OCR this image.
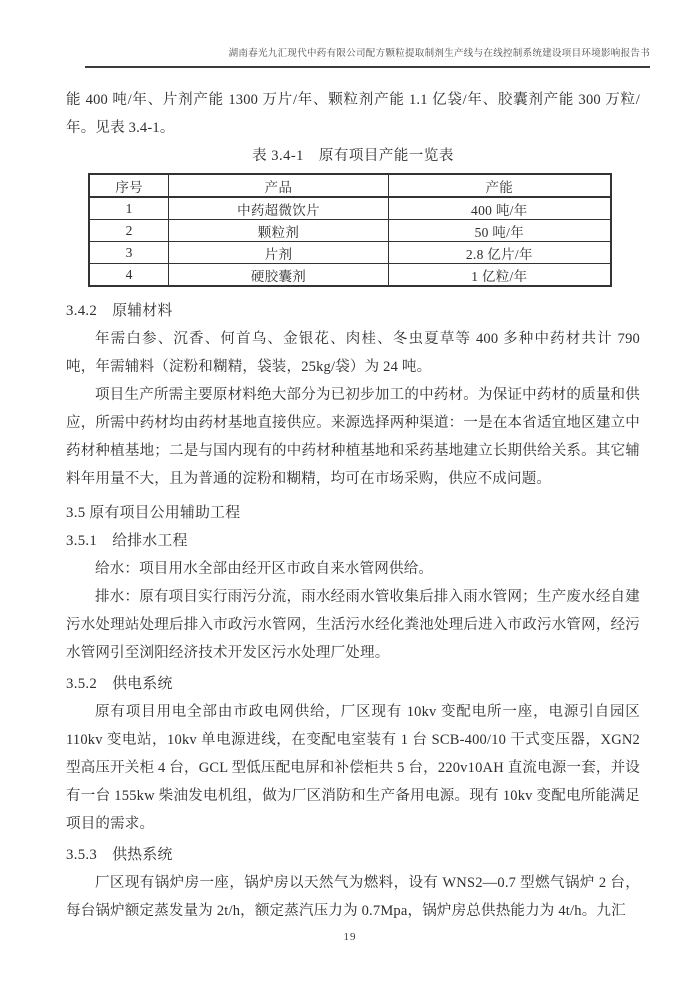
湖南春光九汇现代中药有限公司配方颗粒提取制剂生产线与在线控制系统建设项目环境影响报告书

能 400 吨/年、片剂产能 1300 万片/年、颗粒剂产能 1.1 亿袋/年、胶囊剂产能 300 万粒/年。见表 3.4-1。

表 3.4-1　原有项目产能一览表

序号	产品	产能
1	中药超微饮片	400 吨/年
2	颗粒剂	50 吨/年
3	片剂	2.8 亿片/年
4	硬胶囊剂	1 亿粒/年
3.4.2　原辅材料

年需白参、沉香、何首乌、金银花、肉桂、冬虫夏草等 400 多种中药材共计 790 吨，年需辅料（淀粉和糊精，袋装，25kg/袋）为 24 吨。

项目生产所需主要原材料绝大部分为已初步加工的中药材。为保证中药材的质量和供应，所需中药材均由药材基地直接供应。来源选择两种渠道：一是在本省适宜地区建立中药材种植基地；二是与国内现有的中药材种植基地和采药基地建立长期供给关系。其它辅料年用量不大，且为普通的淀粉和糊精，均可在市场采购，供应不成问题。

3.5 原有项目公用辅助工程
3.5.1　给排水工程

给水：项目用水全部由经开区市政自来水管网供给。

排水：原有项目实行雨污分流，雨水经雨水管收集后排入雨水管网；生产废水经自建污水处理站处理后排入市政污水管网，生活污水经化粪池处理后进入市政污水管网，经污水管网引至浏阳经济技术开发区污水处理厂处理。

3.5.2　供电系统

原有项目用电全部由市政电网供给，厂区现有 10kv 变配电所一座，电源引自园区 110kv 变电站，10kv 单电源进线，在变配电室装有 1 台 SCB-400/10 干式变压器，XGN2 型高压开关柜 4 台，GCL 型低压配电屏和补偿柜共 5 台，220v10AH 直流电源一套，并设有一台 155kw 柴油发电机组，做为厂区消防和生产备用电源。现有 10kv 变配电所能满足项目的需求。

3.5.3　供热系统

厂区现有锅炉房一座，锅炉房以天然气为燃料，设有 WNS2—0.7 型燃气锅炉 2 台，每台锅炉额定蒸发量为 2t/h，额定蒸汽压力为 0.7Mpa，锅炉房总供热能力为 4t/h。九汇

19
